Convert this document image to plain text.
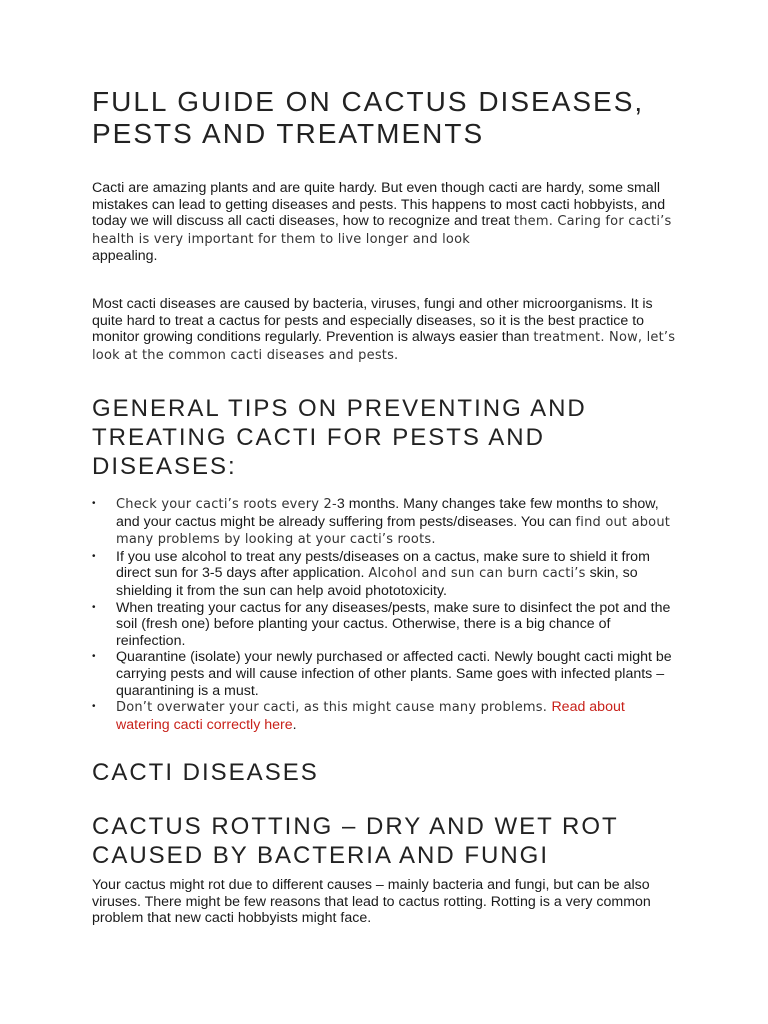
FULL GUIDE ON CACTUS DISEASES, PESTS AND TREATMENTS

Cacti are amazing plants and are quite hardy. But even though cacti are hardy, some small mistakes can lead to getting diseases and pests. This happens to most cacti hobbyists, and today we will discuss all cacti diseases, how to recognize and treat them. Caring for cacti’s health is very important for them to live longer and look
appealing.

Most cacti diseases are caused by bacteria, viruses, fungi and other microorganisms. It is quite hard to treat a cactus for pests and especially diseases, so it is the best practice to monitor growing conditions regularly. Prevention is always easier than treatment. Now, let’s look at the common cacti diseases and pests.

GENERAL TIPS ON PREVENTING AND TREATING CACTI FOR PESTS AND DISEASES:
• Check your cacti’s roots every 2-3 months. Many changes take few months to show, and your cactus might be already suffering from pests/diseases. You can find out about many problems by looking at your cacti’s roots.
• If you use alcohol to treat any pests/diseases on a cactus, make sure to shield it from direct sun for 3-5 days after application. Alcohol and sun can burn cacti’s skin, so shielding it from the sun can help avoid phototoxicity.
• When treating your cactus for any diseases/pests, make sure to disinfect the pot and the soil (fresh one) before planting your cactus. Otherwise, there is a big chance of reinfection.
• Quarantine (isolate) your newly purchased or affected cacti. Newly bought cacti might be carrying pests and will cause infection of other plants. Same goes with infected plants – quarantining is a must.
• Don’t overwater your cacti, as this might cause many problems. Read about watering cacti correctly here.
CACTI DISEASES
CACTUS ROTTING – DRY AND WET ROT CAUSED BY BACTERIA AND FUNGI

Your cactus might rot due to different causes – mainly bacteria and fungi, but can be also viruses. There might be few reasons that lead to cactus rotting. Rotting is a very common problem that new cacti hobbyists might face.
